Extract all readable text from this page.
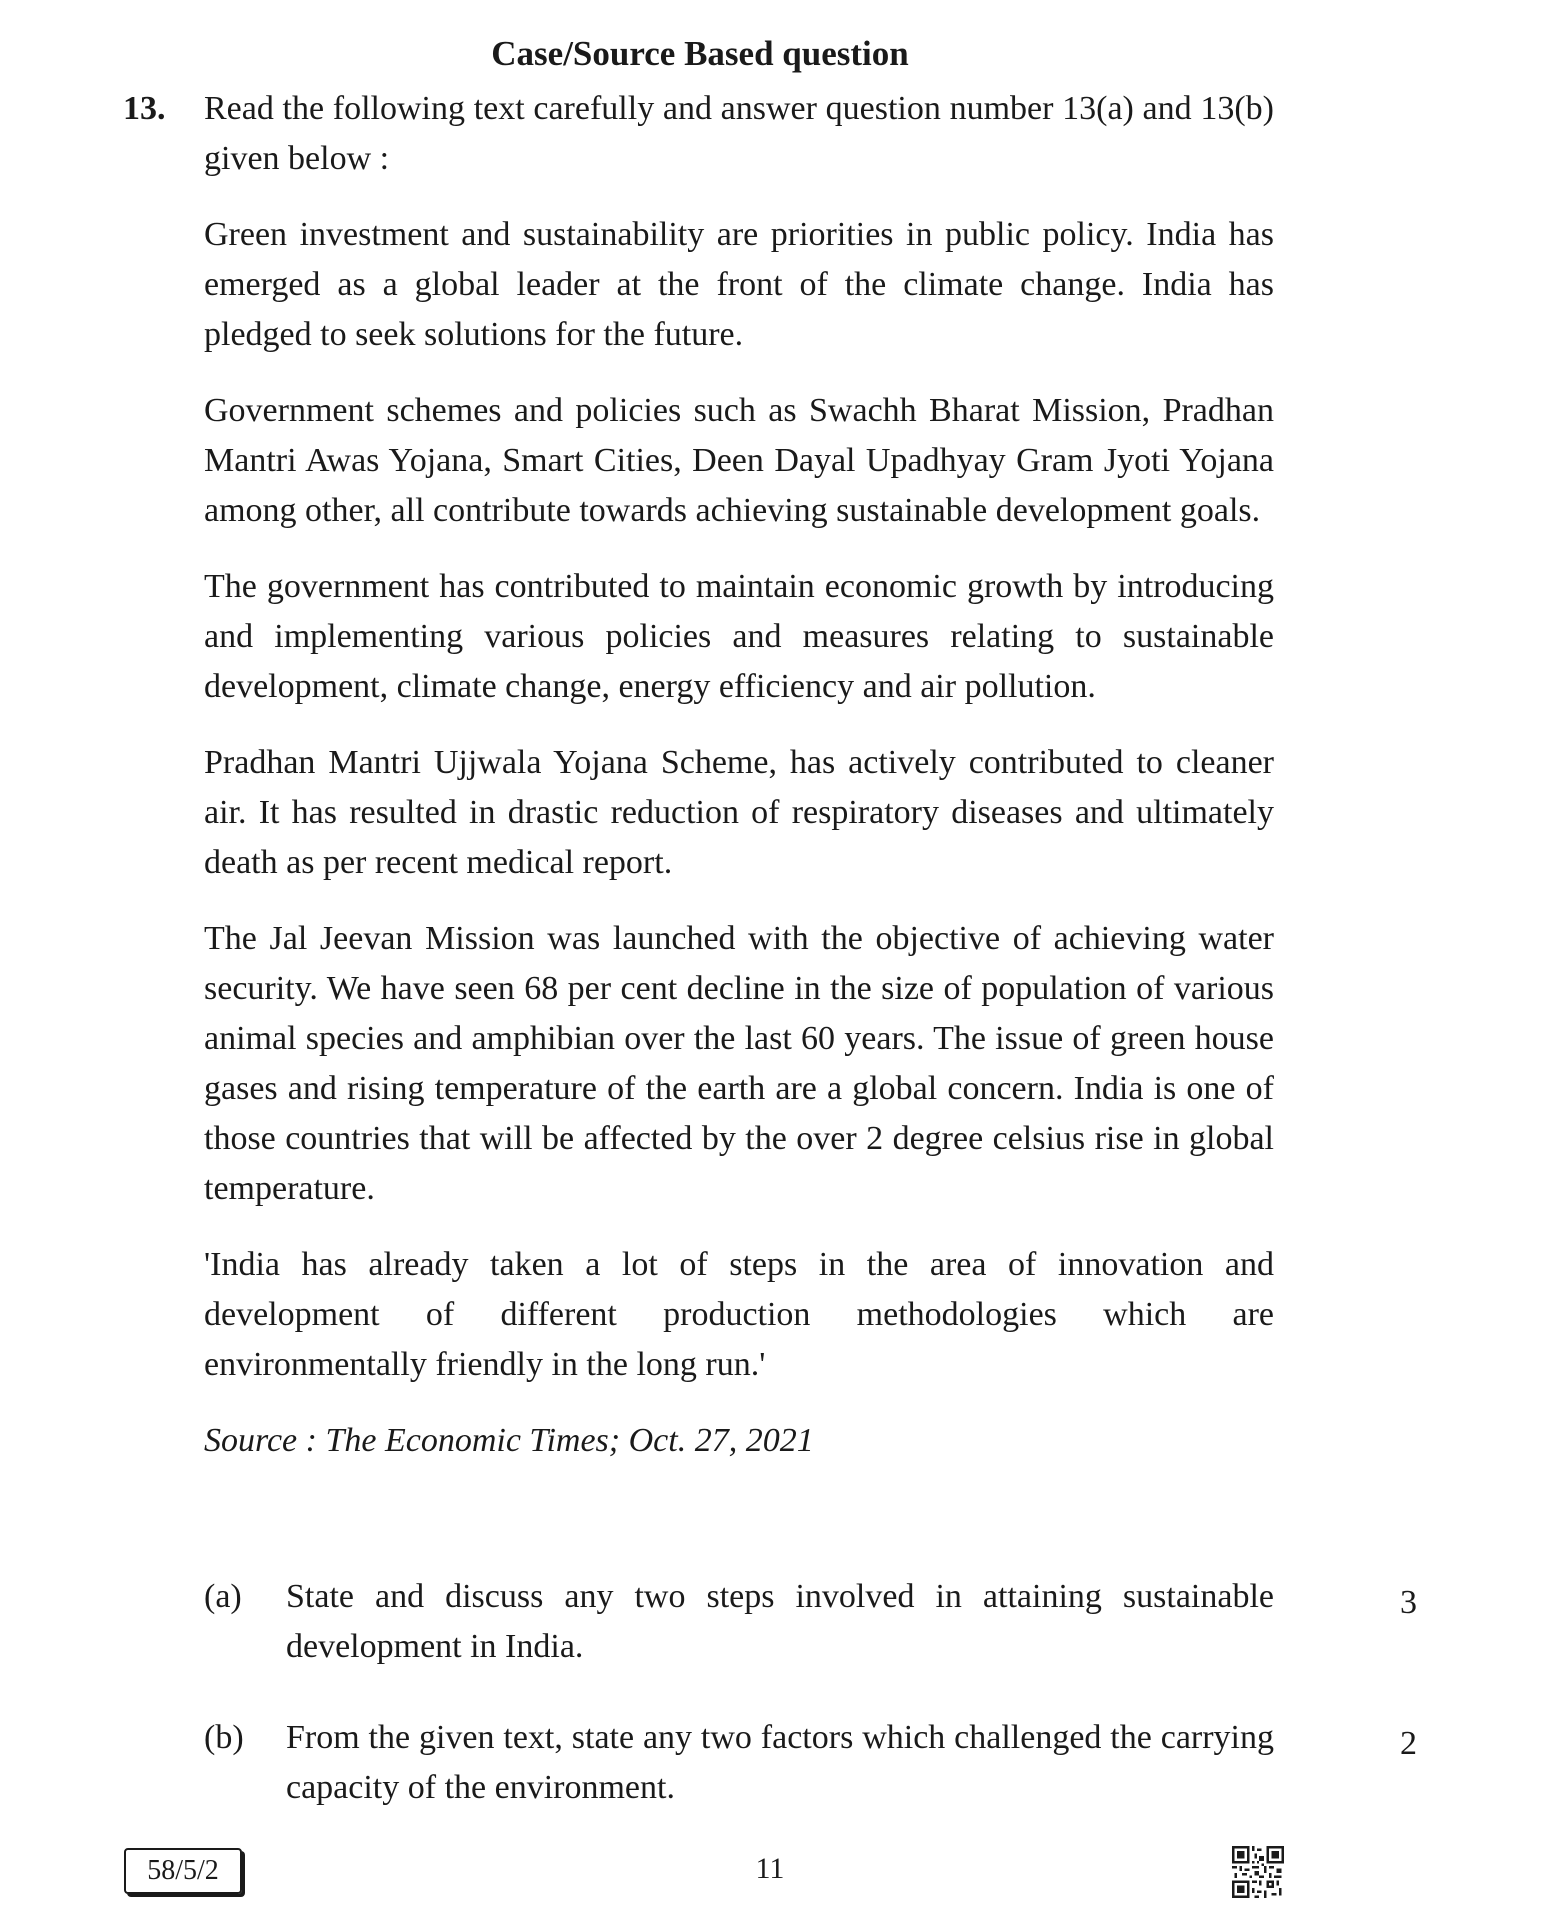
Case/Source Based question
13. Read the following text carefully and answer question number 13(a) and 13(b) given below :

Green investment and sustainability are priorities in public policy. India has emerged as a global leader at the front of the climate change. India has pledged to seek solutions for the future.

Government schemes and policies such as Swachh Bharat Mission, Pradhan Mantri Awas Yojana, Smart Cities, Deen Dayal Upadhyay Gram Jyoti Yojana among other, all contribute towards achieving sustainable development goals.

The government has contributed to maintain economic growth by introducing and implementing various policies and measures relating to sustainable development, climate change, energy efficiency and air pollution.

Pradhan Mantri Ujjwala Yojana Scheme, has actively contributed to cleaner air. It has resulted in drastic reduction of respiratory diseases and ultimately death as per recent medical report.

The Jal Jeevan Mission was launched with the objective of achieving water security. We have seen 68 per cent decline in the size of population of various animal species and amphibian over the last 60 years. The issue of green house gases and rising temperature of the earth are a global concern. India is one of those countries that will be affected by the over 2 degree celsius rise in global temperature.

'India has already taken a lot of steps in the area of innovation and development of different production methodologies which are environmentally friendly in the long run.'

Source : The Economic Times; Oct. 27, 2021

(a) State and discuss any two steps involved in attaining sustainable development in India.
3
(b) From the given text, state any two factors which challenged the carrying capacity of the environment.
2
58/5/2	11
